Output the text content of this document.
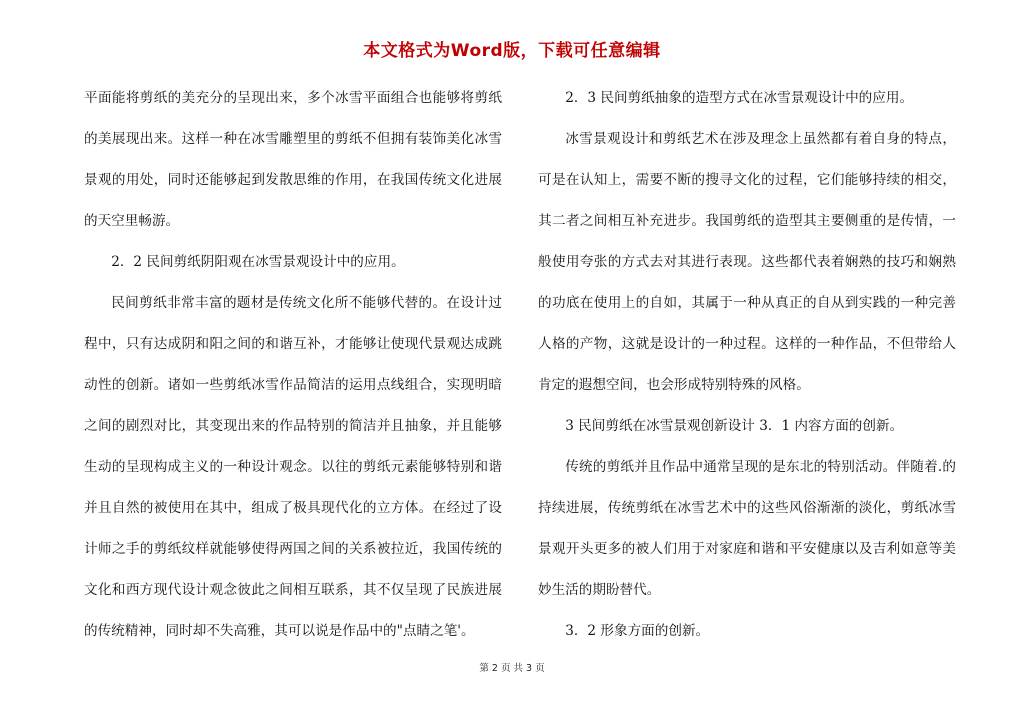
本文格式为Word版，下载可任意编辑

平面能将剪纸的美充分的呈现出来，多个冰雪平面组合也能够将剪纸的美展现出来。这样一种在冰雪雕塑里的剪纸不但拥有装饰美化冰雪景观的用处，同时还能够起到发散思维的作用，在我国传统文化进展的天空里畅游。

2．2 民间剪纸阴阳观在冰雪景观设计中的应用。

民间剪纸非常丰富的题材是传统文化所不能够代替的。在设计过程中，只有达成阴和阳之间的和谐互补，才能够让使现代景观达成跳动性的创新。诸如一些剪纸冰雪作品简洁的运用点线组合，实现明暗之间的剧烈对比，其变现出来的作品特别的简洁并且抽象，并且能够生动的呈现构成主义的一种设计观念。以往的剪纸元素能够特别和谐并且自然的被使用在其中，组成了极具现代化的立方体。在经过了设计师之手的剪纸纹样就能够使得两国之间的关系被拉近，我国传统的文化和西方现代设计观念彼此之间相互联系，其不仅呈现了民族进展的传统精神，同时却不失高雅，其可以说是作品中的"点睛之笔'。

2．3 民间剪纸抽象的造型方式在冰雪景观设计中的应用。

冰雪景观设计和剪纸艺术在涉及理念上虽然都有着自身的特点，可是在认知上，需要不断的搜寻文化的过程，它们能够持续的相交，其二者之间相互补充进步。我国剪纸的造型其主要侧重的是传情，一般使用夸张的方式去对其进行表现。这些都代表着娴熟的技巧和娴熟的功底在使用上的自如，其属于一种从真正的自从到实践的一种完善人格的产物，这就是设计的一种过程。这样的一种作品，不但带给人肯定的遐想空间，也会形成特别特殊的风格。

3 民间剪纸在冰雪景观创新设计 3．1 内容方面的创新。

传统的剪纸并且作品中通常呈现的是东北的特别活动。伴随着.的持续进展，传统剪纸在冰雪艺术中的这些风俗渐渐的淡化，剪纸冰雪景观开头更多的被人们用于对家庭和谐和平安健康以及吉利如意等美妙生活的期盼替代。

3．2 形象方面的创新。

第 2 页 共 3 页
